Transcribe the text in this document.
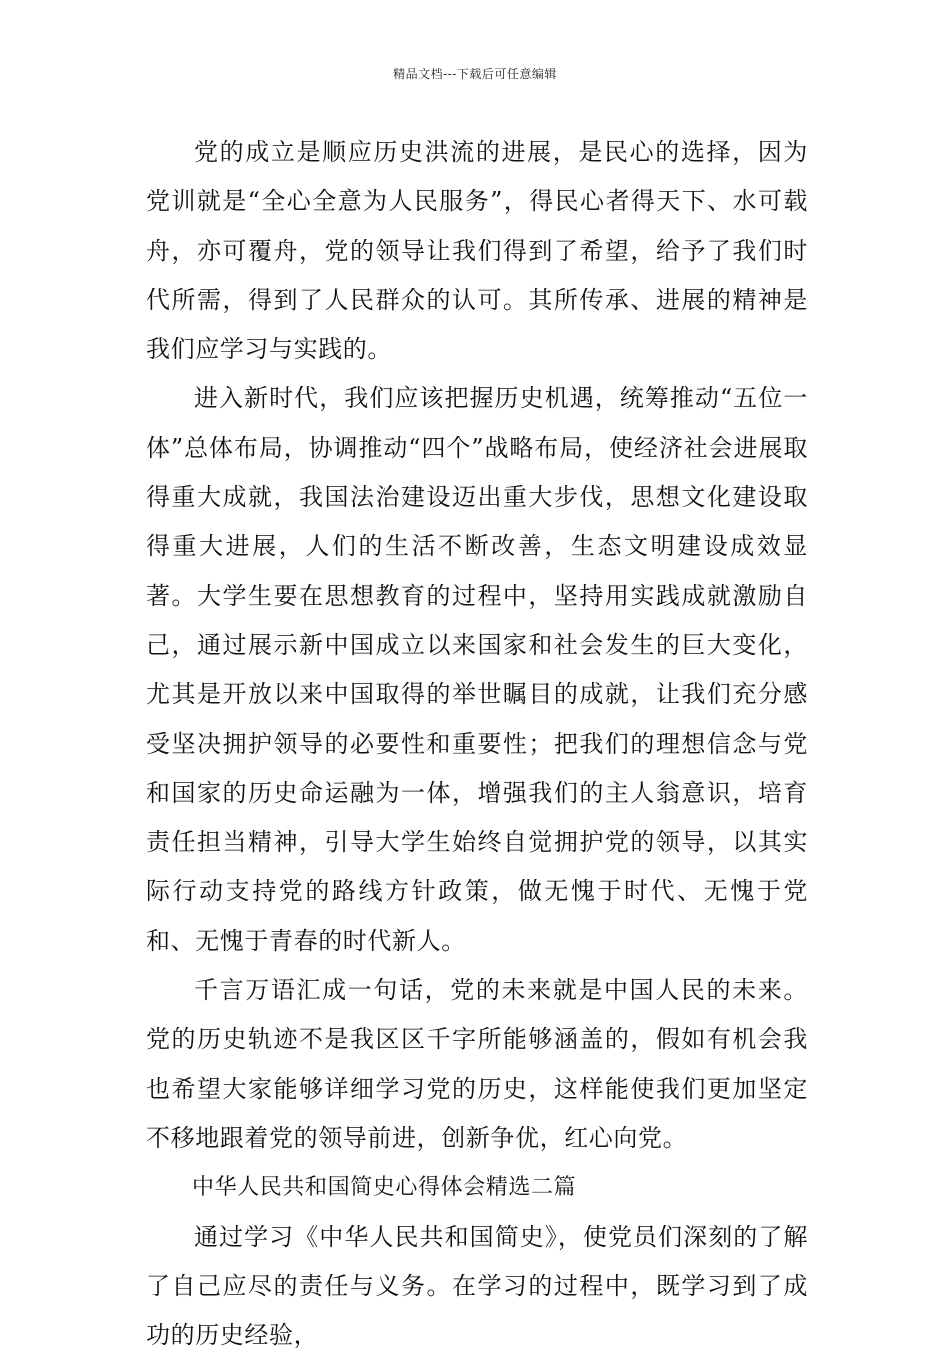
精品文档---下载后可任意编辑

党的成立是顺应历史洪流的进展，是民心的选择，因为党训就是“全心全意为人民服务”，得民心者得天下、水可载舟，亦可覆舟，党的领导让我们得到了希望，给予了我们时代所需，得到了人民群众的认可。其所传承、进展的精神是我们应学习与实践的。

进入新时代，我们应该把握历史机遇，统筹推动“五位一体”总体布局，协调推动“四个”战略布局，使经济社会进展取得重大成就，我国法治建设迈出重大步伐，思想文化建设取得重大进展，人们的生活不断改善，生态文明建设成效显著。大学生要在思想教育的过程中，坚持用实践成就激励自己，通过展示新中国成立以来国家和社会发生的巨大变化，尤其是开放以来中国取得的举世瞩目的成就，让我们充分感受坚决拥护领导的必要性和重要性；把我们的理想信念与党和国家的历史命运融为一体，增强我们的主人翁意识，培育责任担当精神，引导大学生始终自觉拥护党的领导，以其实际行动支持党的路线方针政策，做无愧于时代、无愧于党和、无愧于青春的时代新人。

千言万语汇成一句话，党的未来就是中国人民的未来。党的历史轨迹不是我区区千字所能够涵盖的，假如有机会我也希望大家能够详细学习党的历史，这样能使我们更加坚定不移地跟着党的领导前进，创新争优，红心向党。

中华人民共和国简史心得体会精选二篇

通过学习《中华人民共和国简史》，使党员们深刻的了解了自己应尽的责任与义务。在学习的过程中，既学习到了成功的历史经验，
